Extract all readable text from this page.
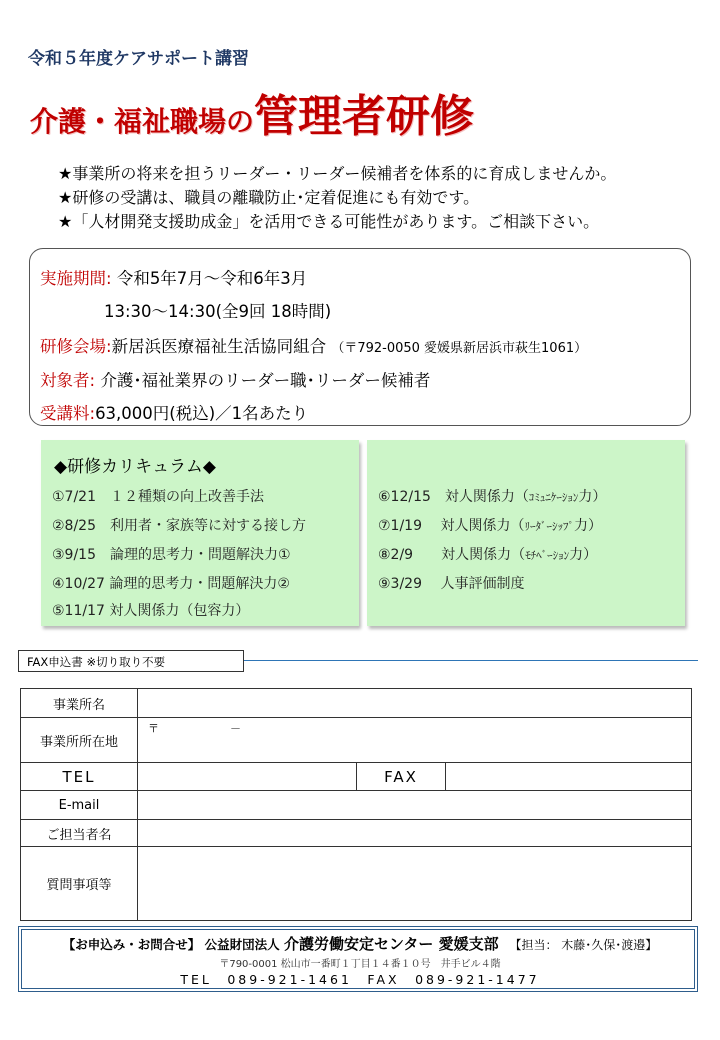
令和５年度ケアサポート講習
介護・福祉職場の管理者研修
★事業所の将来を担うリーダー・リーダー候補者を体系的に育成しませんか。
★研修の受講は、職員の離職防止･定着促進にも有効です。
★「人材開発支援助成金」を活用できる可能性があります。ご相談下さい。
実施期間: 令和5年7月～令和6年3月
13:30～14:30(全9回 18時間)
研修会場:新居浜医療福祉生活協同組合 （〒792-0050 愛媛県新居浜市萩生1061）
対象者: 介護･福祉業界のリーダー職･リーダー候補者
受講料:63,000円(税込)／1名あたり
◆研修カリキュラム◆
①7/21　１２種類の向上改善手法
②8/25　利用者・家族等に対する接し方
③9/15　論理的思考力・問題解決力①
④10/27 論理的思考力・問題解決力②
⑤11/17 対人関係力（包容力）
⑥12/15　対人関係力（ｺﾐｭﾆｹｰｼｮﾝ力）
⑦1/19　 対人関係力（ﾘｰﾀﾞｰｼｯﾌﾟ力）
⑧2/9　　対人関係力（ﾓﾁﾍﾞｰｼｮﾝ力）
⑨3/29　 人事評価制度
FAX申込書 ※切り取り不要
事業所名			
事業所所在地	〒 －		

TEL		FAX	
E-mail			
ご担当者名			
質問事項等			
【お申込み・お問合せ】 公益財団法人 介護労働安定センター 愛媛支部 　 【担当： 木藤･久保･渡邉】
〒790-0001 松山市一番町１丁目１４番１０号　井手ビル４階
TEL　089-921-1461　FAX　089-921-1477
